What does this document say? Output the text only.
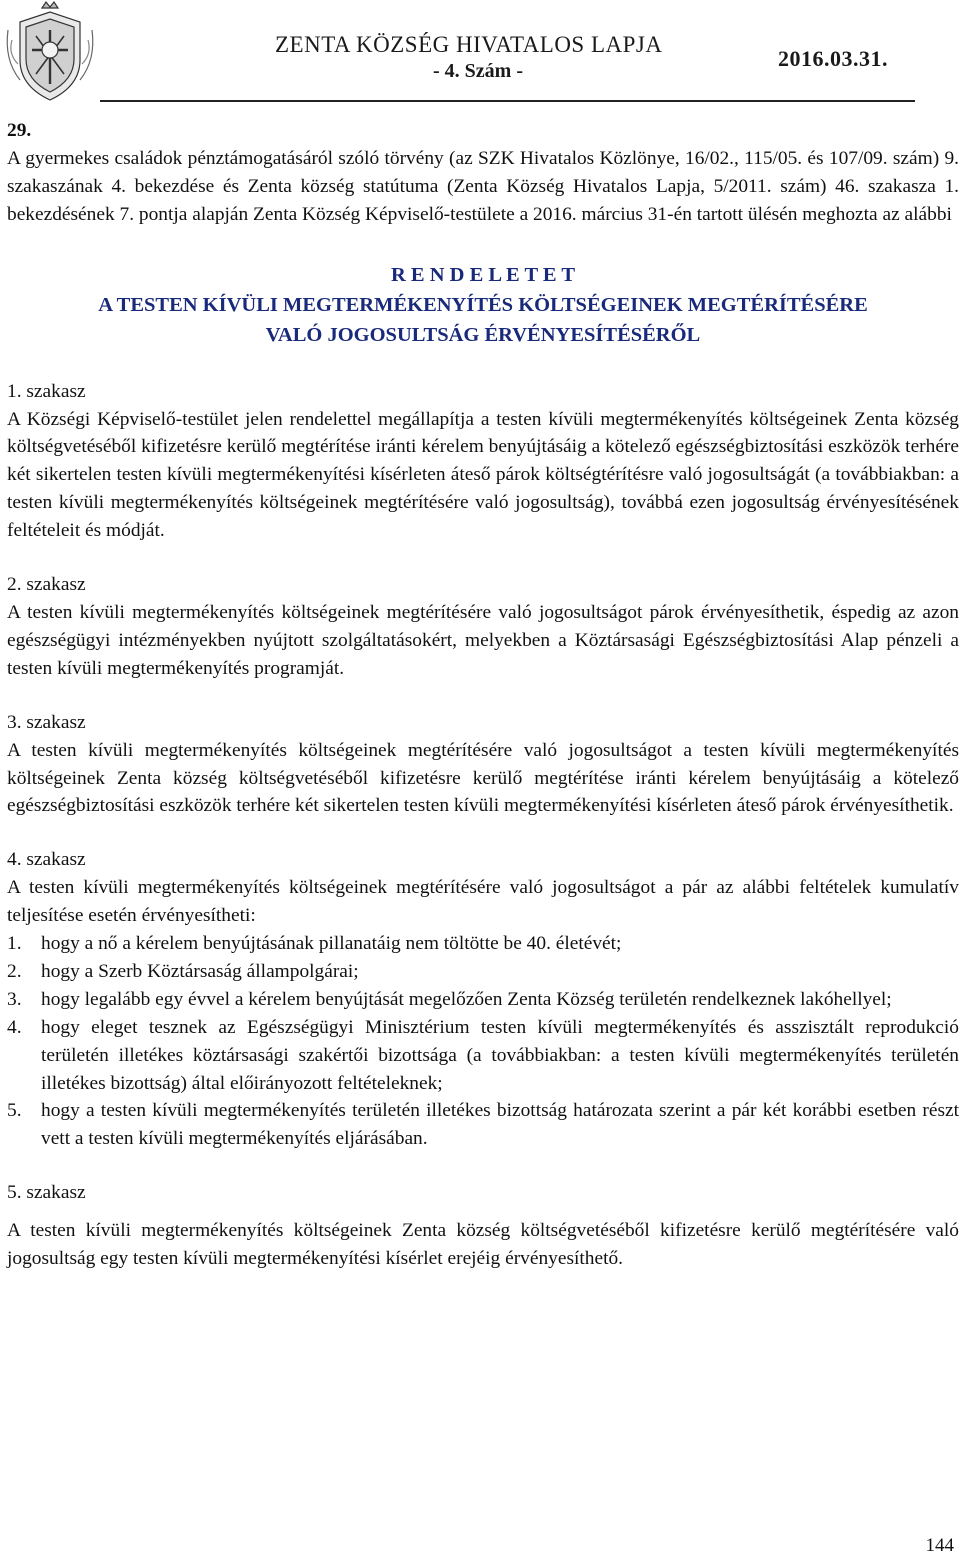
ZENTA KÖZSÉG HIVATALOS LAPJA
- 4. Szám -	2016.03.31.

29.

A gyermekes családok pénztámogatásáról szóló törvény (az SZK Hivatalos Közlönye, 16/02., 115/05. és 107/09. szám) 9. szakaszának 4. bekezdése és Zenta község statútuma (Zenta Község Hivatalos Lapja, 5/2011. szám) 46. szakasza 1. bekezdésének 7. pontja alapján Zenta Község Képviselő-testülete a 2016. március 31-én tartott ülésén meghozta az alábbi

R E N D E L E T E T
A TESTEN KÍVÜLI MEGTERMÉKENYÍTÉS KÖLTSÉGEINEK MEGTÉRÍTÉSÉRE
VALÓ JOGOSULTSÁG ÉRVÉNYESÍTÉSÉRŐL

1. szakasz

A Községi Képviselő-testület jelen rendelettel megállapítja a testen kívüli megtermékenyítés költségeinek Zenta község költségvetéséből kifizetésre kerülő megtérítése iránti kérelem benyújtásáig a kötelező egészségbiztosítási eszközök terhére két sikertelen testen kívüli megtermékenyítési kísérleten áteső párok költségtérítésre való jogosultságát (a továbbiakban: a testen kívüli megtermékenyítés költségeinek megtérítésére való jogosultság), továbbá ezen jogosultság érvényesítésének feltételeit és módját.

2. szakasz

A testen kívüli megtermékenyítés költségeinek megtérítésére való jogosultságot párok érvényesíthetik, éspedig az azon egészségügyi intézményekben nyújtott szolgáltatásokért, melyekben a Köztársasági Egészségbiztosítási Alap pénzeli a testen kívüli megtermékenyítés programját.

3. szakasz

A testen kívüli megtermékenyítés költségeinek megtérítésére való jogosultságot a testen kívüli megtermékenyítés költségeinek Zenta község költségvetéséből kifizetésre kerülő megtérítése iránti kérelem benyújtásáig a kötelező egészségbiztosítási eszközök terhére két sikertelen testen kívüli megtermékenyítési kísérleten áteső párok érvényesíthetik.

4. szakasz

A testen kívüli megtermékenyítés költségeinek megtérítésére való jogosultságot a pár az alábbi feltételek kumulatív teljesítése esetén érvényesítheti:

1.	hogy a nő a kérelem benyújtásának pillanatáig nem töltötte be 40. életévét;
2.	hogy a Szerb Köztársaság állampolgárai;
3.	hogy legalább egy évvel a kérelem benyújtását megelőzően Zenta Község területén rendelkeznek lakóhellyel;
4.	hogy eleget tesznek az Egészségügyi Minisztérium testen kívüli megtermékenyítés és asszisztált reprodukció területén illetékes köztársasági szakértői bizottsága (a továbbiakban: a testen kívüli megtermékenyítés területén illetékes bizottság) által előirányozott feltételeknek;
5.	hogy a testen kívüli megtermékenyítés területén illetékes bizottság határozata szerint a pár két korábbi esetben részt vett a testen kívüli megtermékenyítés eljárásában.

5. szakasz

A testen kívüli megtermékenyítés költségeinek Zenta község költségvetéséből kifizetésre kerülő megtérítésére való jogosultság egy testen kívüli megtermékenyítési kísérlet erejéig érvényesíthető.

144
